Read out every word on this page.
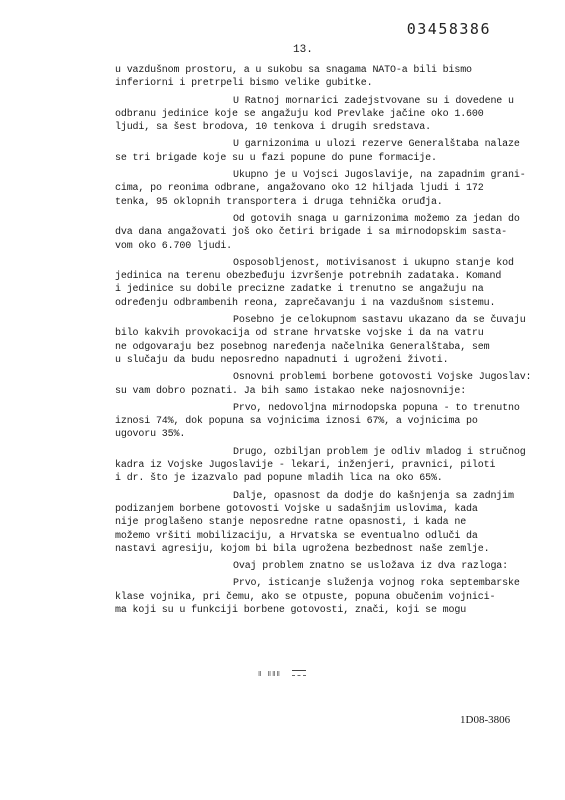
03458386
13.
u vazdušnom prostoru, a u sukobu sa snagama NATO-a bili bismo
inferiorni i pretrpeli bismo velike gubitke.
U Ratnoj mornarici zadejstvovane su i dovedene u
odbranu jedinice koje se angažuju kod Prevlake jačine oko 1.600
ljudi, sa šest brodova, 10 tenkova i drugih sredstava.
U garnizonima u ulozi rezerve Generalštaba nalaze
se tri brigade koje su u fazi popune do pune formacije.
Ukupno je u Vojsci Jugoslavije, na zapadnim grani-
cima, po reonima odbrane, angažovano oko 12 hiljada ljudi i 172
tenka, 95 oklopnih transportera i druga tehnička oruđja.
Od gotovih snaga u garnizonima možemo za jedan do
dva dana angažovati još oko četiri brigade i sa mirnodopskim sasta-
vom oko 6.700 ljudi.
Osposobljenost, motivisanost i ukupno stanje kod
jedinica na terenu obezbeđuju izvršenje potrebnih zadataka. Komand
i jedinice su dobile precizne zadatke i trenutno se angažuju na
određenju odbrambenih reona, zaprečavanju i na vazdušnom sistemu.
Posebno je celokupnom sastavu ukazano da se čuvaju
bilo kakvih provokacija od strane hrvatske vojske i da na vatru
ne odgovaraju bez posebnog naređenja načelnika Generalštaba, sem
u slučaju da budu neposredno napadnuti i ugroženi životi.
Osnovni problemi borbene gotovosti Vojske Jugoslav:
su vam dobro poznati. Ja bih samo istakao neke najosnovnije:
Prvo, nedovoljna mirnodopska popuna - to trenutno
iznosi 74%, dok popuna sa vojnicima iznosi 67%, a vojnicima po
ugovoru 35%.
Drugo, ozbiljan problem je odliv mladog i stručnog
kadra iz Vojske Jugoslavije - lekari, inženjeri, pravnici, piloti
i dr. što je izazvalo pad popune mladih lica na oko 65%.
Dalje, opasnost da dodje do kašnjenja sa zadnjim
podizanjem borbene gotovosti Vojske u sadašnjim uslovima, kada
nije proglašeno stanje neposredne ratne opasnosti, i kada ne
možemo vršiti mobilizaciju, a Hrvatska se eventualno odluči da
nastavi agresiju, kojom bi bila ugrožena bezbednost naše zemlje.
Ovaj problem znatno se usložava iz dva razloga:
Prvo, isticanje služenja vojnog roka septembarske
klase vojnika, pri čemu, ako se otpuste, popuna obučenim vojnici-
ma koji su u funkciji borbene gotovosti, znači, koji se mogu
Ⅱ ⅡⅡⅡ
1D08-3806
